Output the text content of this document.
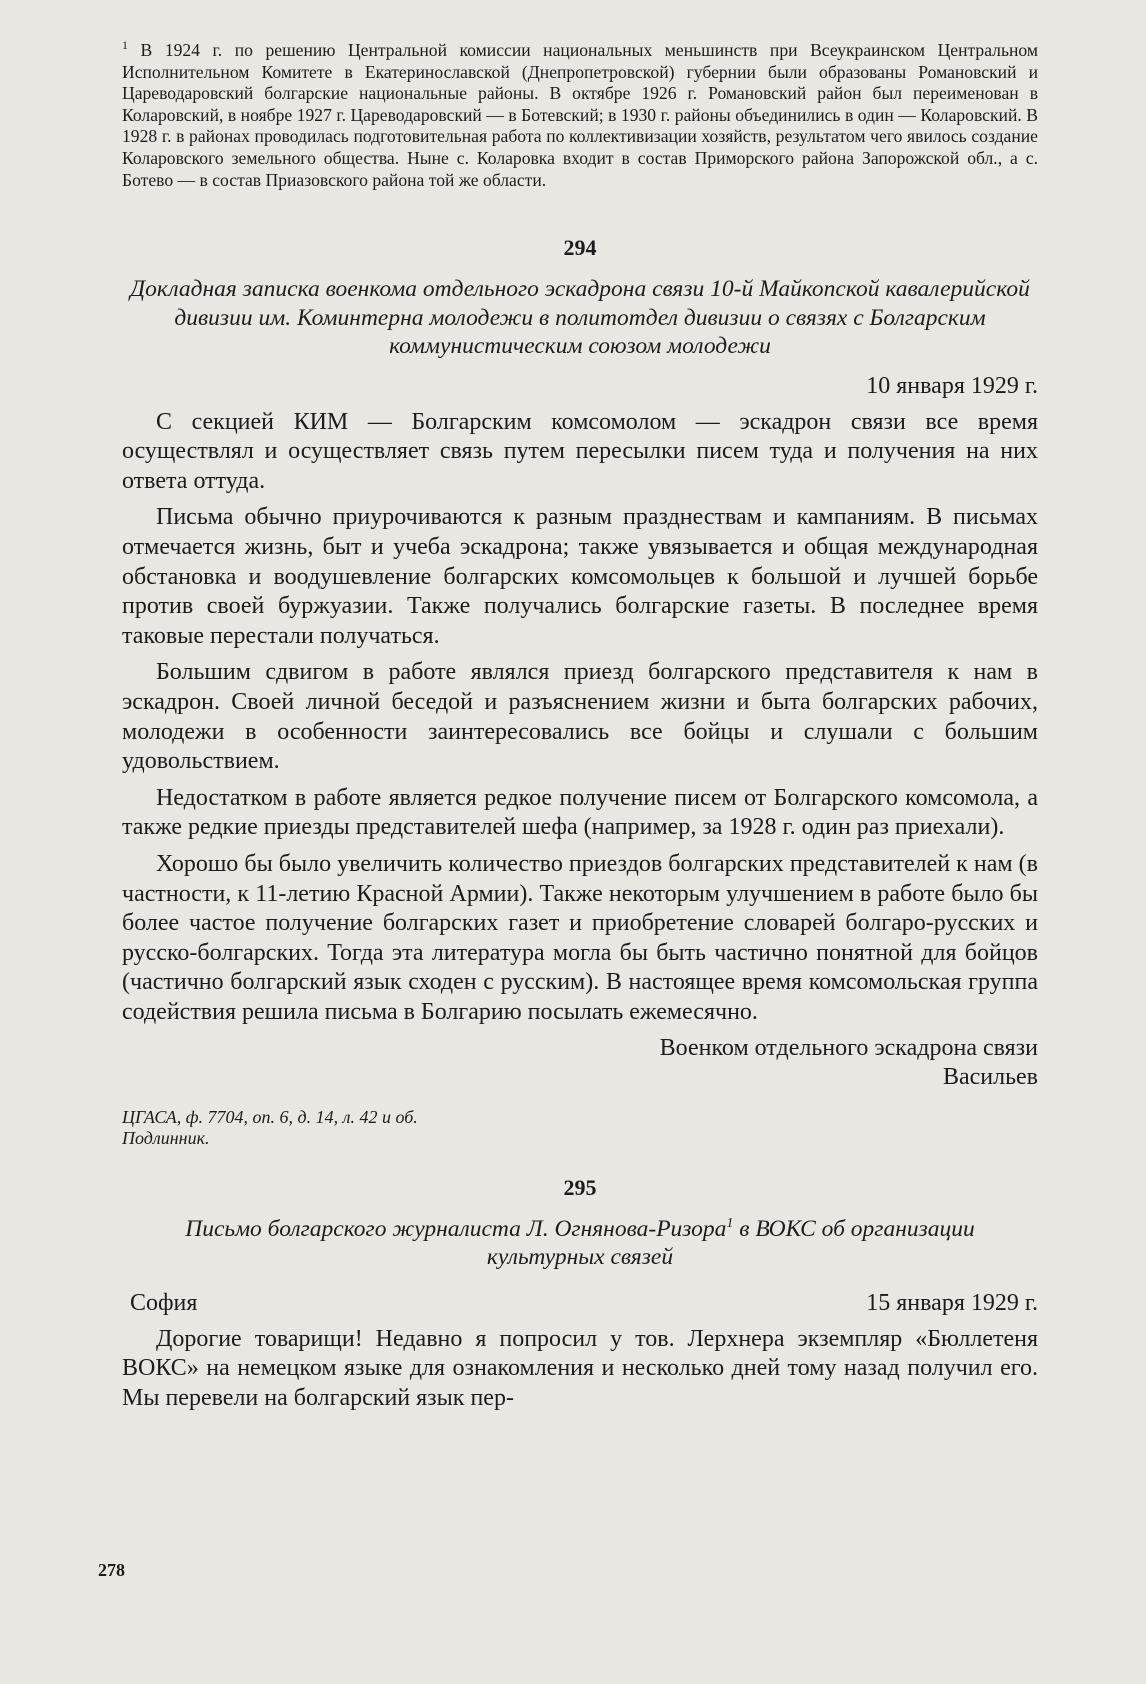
$^1$ В 1924 г. по решению Центральной комиссии национальных меньшинств при Всеукраинском Центральном Исполнительном Комитете в Екатеринославской (Днепропетровской) губернии были образованы Романовский и Цареводаровский болгарские национальные районы. В октябре 1926 г. Романовский район был переименован в Коларовский, в ноябре 1927 г. Цареводаровский — в Ботевский; в 1930 г. районы объединились в один — Коларовский. В 1928 г. в районах проводилась подготовительная работа по коллективизации хозяйств, результатом чего явилось создание Коларовского земельного общества. Ныне с. Коларовка входит в состав Приморского района Запорожской обл., а с. Ботево — в состав Приазовского района той же области.
294
Докладная записка военкома отдельного эскадрона связи 10-й Майкопской кавалерийской дивизии им. Коминтерна молодежи в политотдел дивизии о связях с Болгарским коммунистическим союзом молодежи
10 января 1929 г.

С секцией КИМ — Болгарским комсомолом — эскадрон связи все время осуществлял и осуществляет связь путем пересылки писем туда и получения на них ответа оттуда.

Письма обычно приурочиваются к разным празднествам и кампаниям. В письмах отмечается жизнь, быт и учеба эскадрона; также увязывается и общая международная обстановка и воодушевление болгарских комсомольцев к большой и лучшей борьбе против своей буржуазии. Также получались болгарские газеты. В последнее время таковые перестали получаться.

Большим сдвигом в работе являлся приезд болгарского представителя к нам в эскадрон. Своей личной беседой и разъяснением жизни и быта болгарских рабочих, молодежи в особенности заинтересовались все бойцы и слушали с большим удовольствием.

Недостатком в работе является редкое получение писем от Болгарского комсомола, а также редкие приезды представителей шефа (например, за 1928 г. один раз приехали).

Хорошо бы было увеличить количество приездов болгарских представителей к нам (в частности, к 11-летию Красной Армии). Также некоторым улучшением в работе было бы более частое получение болгарских газет и приобретение словарей болгаро-русских и русско-болгарских. Тогда эта литература могла бы быть частично понятной для бойцов (частично болгарский язык сходен с русским). В настоящее время комсомольская группа содействия решила письма в Болгарию посылать ежемесячно.

Военком отдельного эскадрона связи
Васильев
ЦГАСА, ф. 7704, оп. 6, д. 14, л. 42 и об.
Подлинник.
295
Письмо болгарского журналиста Л. Огнянова-Ризора$^1$ в ВОКС об организации культурных связей
София	15 января 1929 г.

Дорогие товарищи! Недавно я попросил у тов. Лерхнера экземпляр «Бюллетеня ВОКС» на немецком языке для ознакомления и несколько дней тому назад получил его. Мы перевели на болгарский язык пер-

278
